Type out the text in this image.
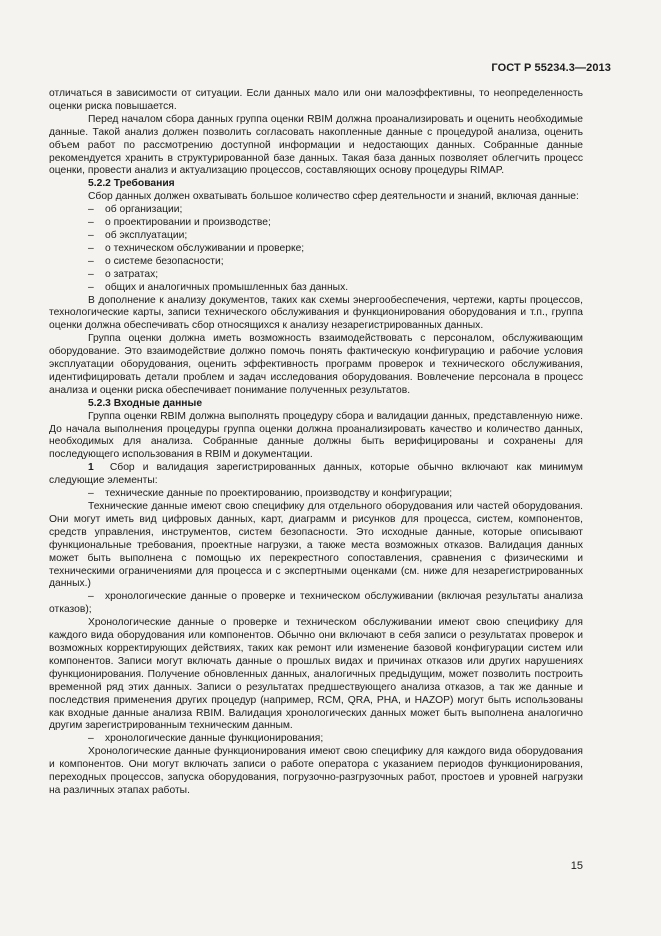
ГОСТ Р 55234.3—2013

отличаться в зависимости от ситуации. Если данных мало или они малоэффективны, то неопределенность оценки риска повышается.

Перед началом сбора данных группа оценки RBIM должна проанализировать и оценить необходимые данные. Такой анализ должен позволить согласовать накопленные данные с процедурой анализа, оценить объем работ по рассмотрению доступной информации и недостающих данных. Собранные данные рекомендуется хранить в структурированной базе данных. Такая база данных позволяет облегчить процесс оценки, провести анализ и актуализацию процессов, составляющих основу процедуры RIMAP.

5.2.2 Требования

Сбор данных должен охватывать большое количество сфер деятельности и знаний, включая данные:

– об организации;
– о проектировании и производстве;
– об эксплуатации;
– о техническом обслуживании и проверке;
– о системе безопасности;
– о затратах;
– общих и аналогичных промышленных баз данных.

В дополнение к анализу документов, таких как схемы энергообеспечения, чертежи, карты процессов, технологические карты, записи технического обслуживания и функционирования оборудования и т.п., группа оценки должна обеспечивать сбор относящихся к анализу незарегистрированных данных.

Группа оценки должна иметь возможность взаимодействовать с персоналом, обслуживающим оборудование. Это взаимодействие должно помочь понять фактическую конфигурацию и рабочие условия эксплуатации оборудования, оценить эффективность программ проверок и технического обслуживания, идентифицировать детали проблем и задач исследования оборудования. Вовлечение персонала в процесс анализа и оценки риска обеспечивает понимание полученных результатов.

5.2.3 Входные данные

Группа оценки RBIM должна выполнять процедуру сбора и валидации данных, представленную ниже. До начала выполнения процедуры группа оценки должна проанализировать качество и количество данных, необходимых для анализа. Собранные данные должны быть верифицированы и сохранены для последующего использования в RBIM и документации.

1 Сбор и валидация зарегистрированных данных, которые обычно включают как минимум следующие элементы:

– технические данные по проектированию, производству и конфигурации;

Технические данные имеют свою специфику для отдельного оборудования или частей оборудования. Они могут иметь вид цифровых данных, карт, диаграмм и рисунков для процесса, систем, компонентов, средств управления, инструментов, систем безопасности. Это исходные данные, которые описывают функциональные требования, проектные нагрузки, а также места возможных отказов. Валидация данных может быть выполнена с помощью их перекрестного сопоставления, сравнения с физическими и техническими ограничениями для процесса и с экспертными оценками (см. ниже для незарегистрированных данных.)

– хронологические данные о проверке и техническом обслуживании (включая результаты анализа отказов);

Хронологические данные о проверке и техническом обслуживании имеют свою специфику для каждого вида оборудования или компонентов. Обычно они включают в себя записи о результатах проверок и возможных корректирующих действиях, таких как ремонт или изменение базовой конфигурации систем или компонентов. Записи могут включать данные о прошлых видах и причинах отказов или других нарушениях функционирования. Получение обновленных данных, аналогичных предыдущим, может позволить построить временной ряд этих данных. Записи о результатах предшествующего анализа отказов, а так же данные и последствия применения других процедур (например, RCM, QRA, PHA, и HAZOP) могут быть использованы как входные данные анализа RBIM. Валидация хронологических данных может быть выполнена аналогично другим зарегистрированным техническим данным.

– хронологические данные функционирования;

Хронологические данные функционирования имеют свою специфику для каждого вида оборудования и компонентов. Они могут включать записи о работе оператора с указанием периодов функционирования, переходных процессов, запуска оборудования, погрузочно-разгрузочных работ, простоев и уровней нагрузки на различных этапах работы.

15
